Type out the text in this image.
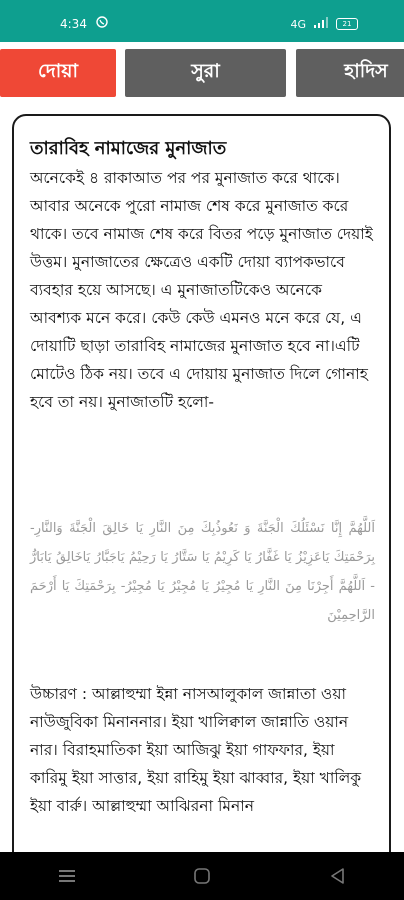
4:34	4G	21
দোয়া	সুরা	হাদিস
তারাবিহ নামাজের মুনাজাত
অনেকেই ৪ রাকাআত পর পর মুনাজাত করে থাকে। আবার অনেকে পুরো নামাজ শেষ করে মুনাজাত করে থাকে। তবে নামাজ শেষ করে বিতর পড়ে মুনাজাত দেয়াই উত্তম। মুনাজাতের ক্ষেত্রেও একটি দোয়া ব্যাপকভাবে ব্যবহার হয়ে আসছে। এ মুনাজাতটিকেও অনেকে আবশ্যক মনে করে। কেউ কেউ এমনও মনে করে যে, এ দোয়াটি ছাড়া তারাবিহ নামাজের মুনাজাত হবে না।এটি মোটেও ঠিক নয়। তবে এ দোয়ায় মুনাজাত দিলে গোনাহ হবে তা নয়। মুনাজাতটি হলো-
اَللَّهُمَّ إِنَّا نَسْئَلُكَ الْجَنَّةَ وَ نَعُوذُبِكَ مِنَ النَّارِ يَا خَالِقَ الْجَنَّةَ وَالنَّارِ- بِرَحْمَتِكَ يَاعَزِيْزُ يَا غَفَّارُ يَا كَرِيْمُ يَا سَتَّارُ يَا رَحِيْمُ يَاجَبَّارُ يَاخَالِقُ يَابَارُّ - اَللَّهُمَّ أَجِرْنَا مِنَ النَّارِ يَا مُجِيْرُ يَا مُجِيْرُ يَا مُجِيْرُ- بِرَحْمَتِكَ يَا أَرْحَمَ الرَّاحِمِيْنَ
উচ্চারণ : আল্লাহুম্মা ইন্না নাসআলুকাল জান্নাতা ওয়া নাউজুবিকা মিনাননার। ইয়া খালিক্বাল জান্নাতি ওয়ান নার। বিরাহমাতিকা ইয়া আজিঝু ইয়া গাফফার, ইয়া কারিমু ইয়া সাত্তার, ইয়া রাহিমু ইয়া ঝাব্বার, ইয়া খালিকু ইয়া বার্রু। আল্লাহুম্মা আঝিরনা মিনান
